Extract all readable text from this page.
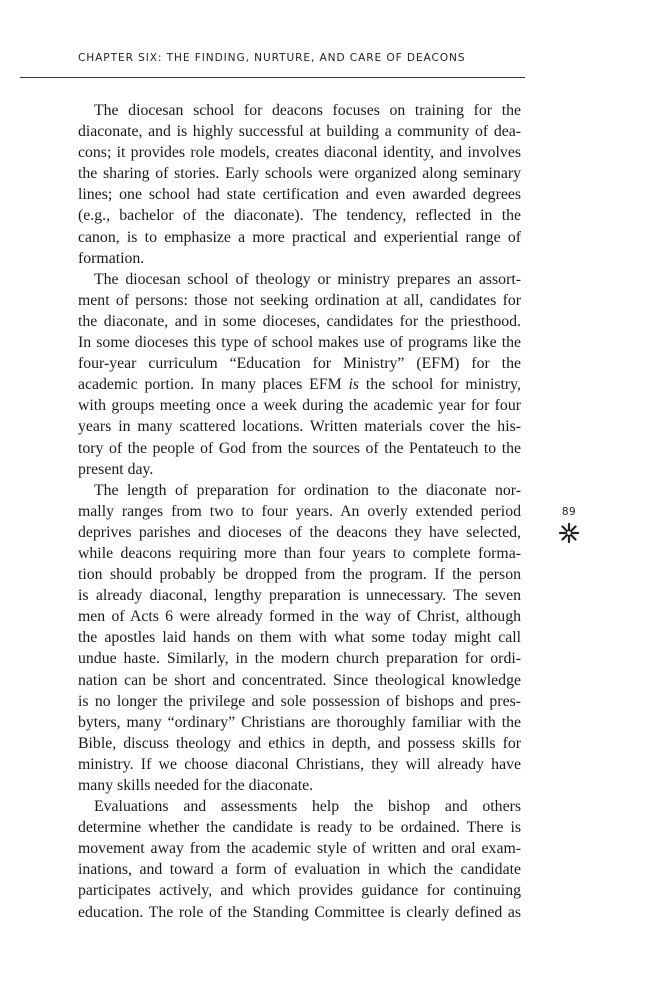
CHAPTER SIX: THE FINDING, NURTURE, AND CARE OF DEACONS
The diocesan school for deacons focuses on training for the
diaconate, and is highly successful at building a community of dea-
cons; it provides role models, creates diaconal identity, and involves
the sharing of stories. Early schools were organized along seminary
lines; one school had state certification and even awarded degrees
(e.g., bachelor of the diaconate). The tendency, reflected in the
canon, is to emphasize a more practical and experiential range of
formation.
The diocesan school of theology or ministry prepares an assort-
ment of persons: those not seeking ordination at all, candidates for
the diaconate, and in some dioceses, candidates for the priesthood.
In some dioceses this type of school makes use of programs like the
four-year curriculum “Education for Ministry” (EFM) for the
academic portion. In many places EFM is the school for ministry,
with groups meeting once a week during the academic year for four
years in many scattered locations. Written materials cover the his-
tory of the people of God from the sources of the Pentateuch to the
present day.
The length of preparation for ordination to the diaconate nor-
mally ranges from two to four years. An overly extended period
deprives parishes and dioceses of the deacons they have selected,
while deacons requiring more than four years to complete forma-
tion should probably be dropped from the program. If the person
is already diaconal, lengthy preparation is unnecessary. The seven
men of Acts 6 were already formed in the way of Christ, although
the apostles laid hands on them with what some today might call
undue haste. Similarly, in the modern church preparation for ordi-
nation can be short and concentrated. Since theological knowledge
is no longer the privilege and sole possession of bishops and pres-
byters, many “ordinary” Christians are thoroughly familiar with the
Bible, discuss theology and ethics in depth, and possess skills for
ministry. If we choose diaconal Christians, they will already have
many skills needed for the diaconate.
Evaluations and assessments help the bishop and others
determine whether the candidate is ready to be ordained. There is
movement away from the academic style of written and oral exam-
inations, and toward a form of evaluation in which the candidate
participates actively, and which provides guidance for continuing
education. The role of the Standing Committee is clearly defined as
89
